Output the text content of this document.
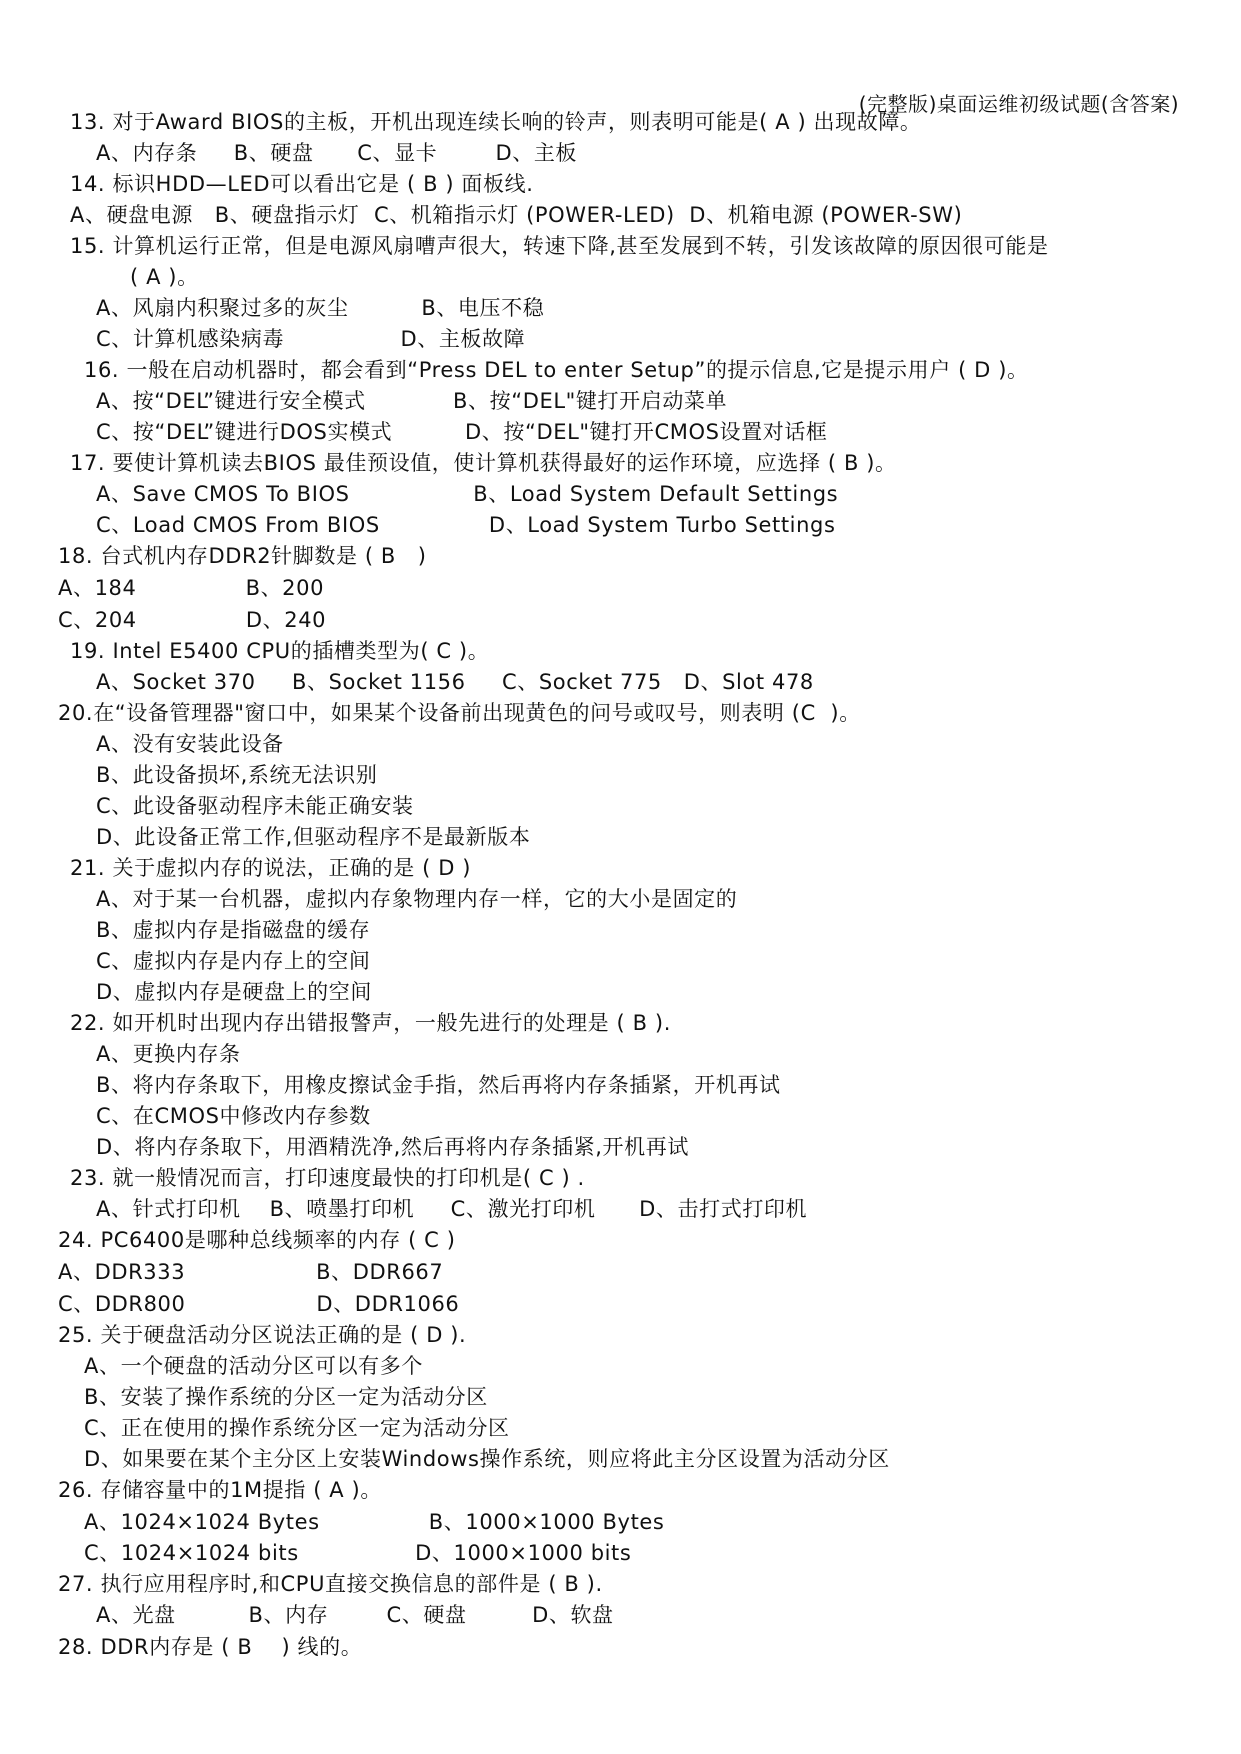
(完整版)桌面运维初级试题(含答案)
13. 对于Award BIOS的主板，开机出现连续长响的铃声，则表明可能是( A ) 出现故障。
A、内存条     B、硬盘      C、显卡        D、主板
14. 标识HDD—LED可以看出它是 ( B ) 面板线.
A、硬盘电源   B、硬盘指示灯  C、机箱指示灯 (POWER-LED)  D、机箱电源 (POWER-SW)
15. 计算机运行正常，但是电源风扇嘈声很大，转速下降,甚至发展到不转，引发该故障的原因很可能是
( A )。
A、风扇内积聚过多的灰尘          B、电压不稳
C、计算机感染病毒                D、主板故障
16. 一般在启动机器时，都会看到“Press DEL to enter Setup”的提示信息,它是提示用户 ( D )。
A、按“DEL”键进行安全模式            B、按“DEL"键打开启动菜单
C、按“DEL”键进行DOS实模式          D、按“DEL"键打开CMOS设置对话框
17. 要使计算机读去BIOS 最佳预设值，使计算机获得最好的运作环境，应选择 ( B )。
A、Save CMOS To BIOS                 B、Load System Default Settings
C、Load CMOS From BIOS               D、Load System Turbo Settings
18. 台式机内存DDR2针脚数是 ( B   )
A、184               B、200
C、204               D、240
19. Intel E5400 CPU的插槽类型为( C )。
A、Socket 370     B、Socket 1156     C、Socket 775   D、Slot 478
20.在“设备管理器"窗口中，如果某个设备前出现黄色的问号或叹号，则表明 (C  )。
A、没有安装此设备
B、此设备损坏,系统无法识别
C、此设备驱动程序未能正确安装
D、此设备正常工作,但驱动程序不是最新版本
21. 关于虚拟内存的说法，正确的是 ( D )
A、对于某一台机器，虚拟内存象物理内存一样，它的大小是固定的
B、虚拟内存是指磁盘的缓存
C、虚拟内存是内存上的空间
D、虚拟内存是硬盘上的空间
22. 如开机时出现内存出错报警声，一般先进行的处理是 ( B ).
A、更换内存条
B、将内存条取下，用橡皮擦试金手指，然后再将内存条插紧，开机再试
C、在CMOS中修改内存参数
D、将内存条取下，用酒精洗净,然后再将内存条插紧,开机再试
23. 就一般情况而言，打印速度最快的打印机是( C ) .
A、针式打印机    B、喷墨打印机     C、激光打印机      D、击打式打印机
24. PC6400是哪种总线频率的内存 ( C )
A、DDR333                  B、DDR667
C、DDR800                  D、DDR1066
25. 关于硬盘活动分区说法正确的是 ( D ).
A、一个硬盘的活动分区可以有多个
B、安装了操作系统的分区一定为活动分区
C、正在使用的操作系统分区一定为活动分区
D、如果要在某个主分区上安装Windows操作系统，则应将此主分区设置为活动分区
26. 存储容量中的1M提指 ( A )。
A、1024×1024 Bytes               B、1000×1000 Bytes
C、1024×1024 bits                D、1000×1000 bits
27. 执行应用程序时,和CPU直接交换信息的部件是 ( B ).
A、光盘          B、内存        C、硬盘         D、软盘
28. DDR内存是 ( B    ) 线的。
